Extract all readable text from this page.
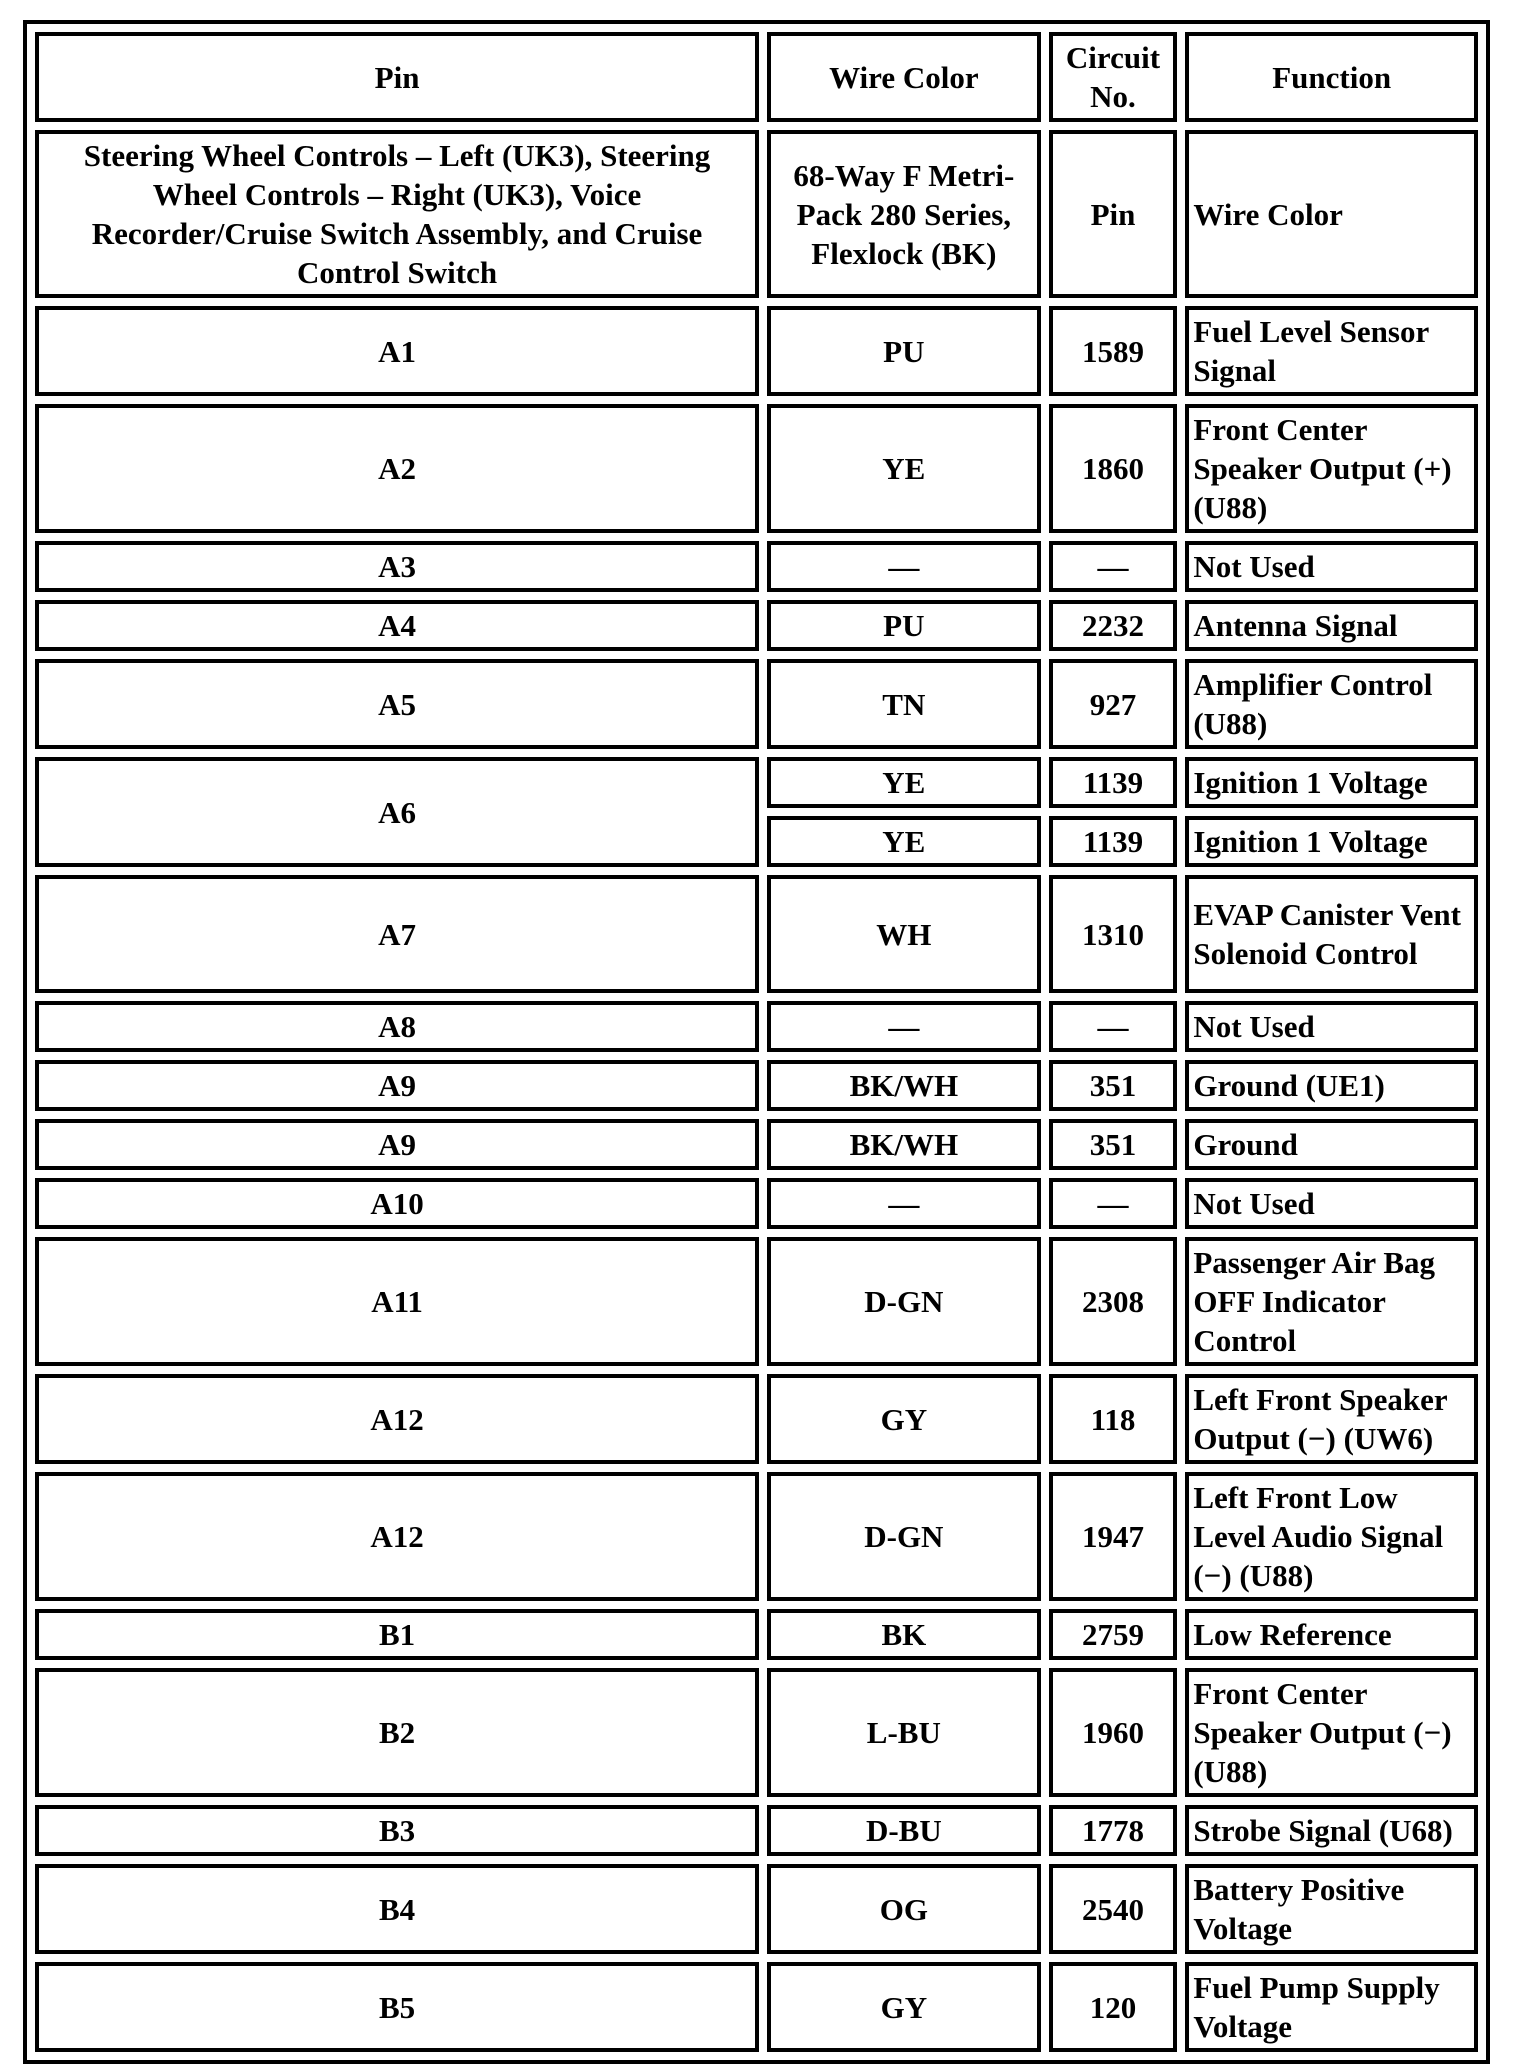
Pin	Wire Color	Circuit No.	Function
Steering Wheel Controls – Left (UK3), Steering Wheel Controls – Right (UK3), Voice Recorder/Cruise Switch Assembly, and Cruise Control Switch	68-Way F Metri-Pack 280 Series, Flexlock (BK)	Pin	Wire Color
A1	PU	1589	Fuel Level Sensor Signal
A2	YE	1860	Front Center Speaker Output (+) (U88)
A3	—	—	Not Used
A4	PU	2232	Antenna Signal
A5	TN	927	Amplifier Control (U88)
A6	YE	1139	Ignition 1 Voltage
	YE	1139	Ignition 1 Voltage
A7	WH	1310	EVAP Canister Vent Solenoid Control
A8	—	—	Not Used
A9	BK/WH	351	Ground (UE1)
A9	BK/WH	351	Ground
A10	—	—	Not Used
A11	D-GN	2308	Passenger Air Bag OFF Indicator Control
A12	GY	118	Left Front Speaker Output (−) (UW6)
A12	D-GN	1947	Left Front Low Level Audio Signal (−) (U88)
B1	BK	2759	Low Reference
B2	L-BU	1960	Front Center Speaker Output (−) (U88)
B3	D-BU	1778	Strobe Signal (U68)
B4	OG	2540	Battery Positive Voltage
B5	GY	120	Fuel Pump Supply Voltage
